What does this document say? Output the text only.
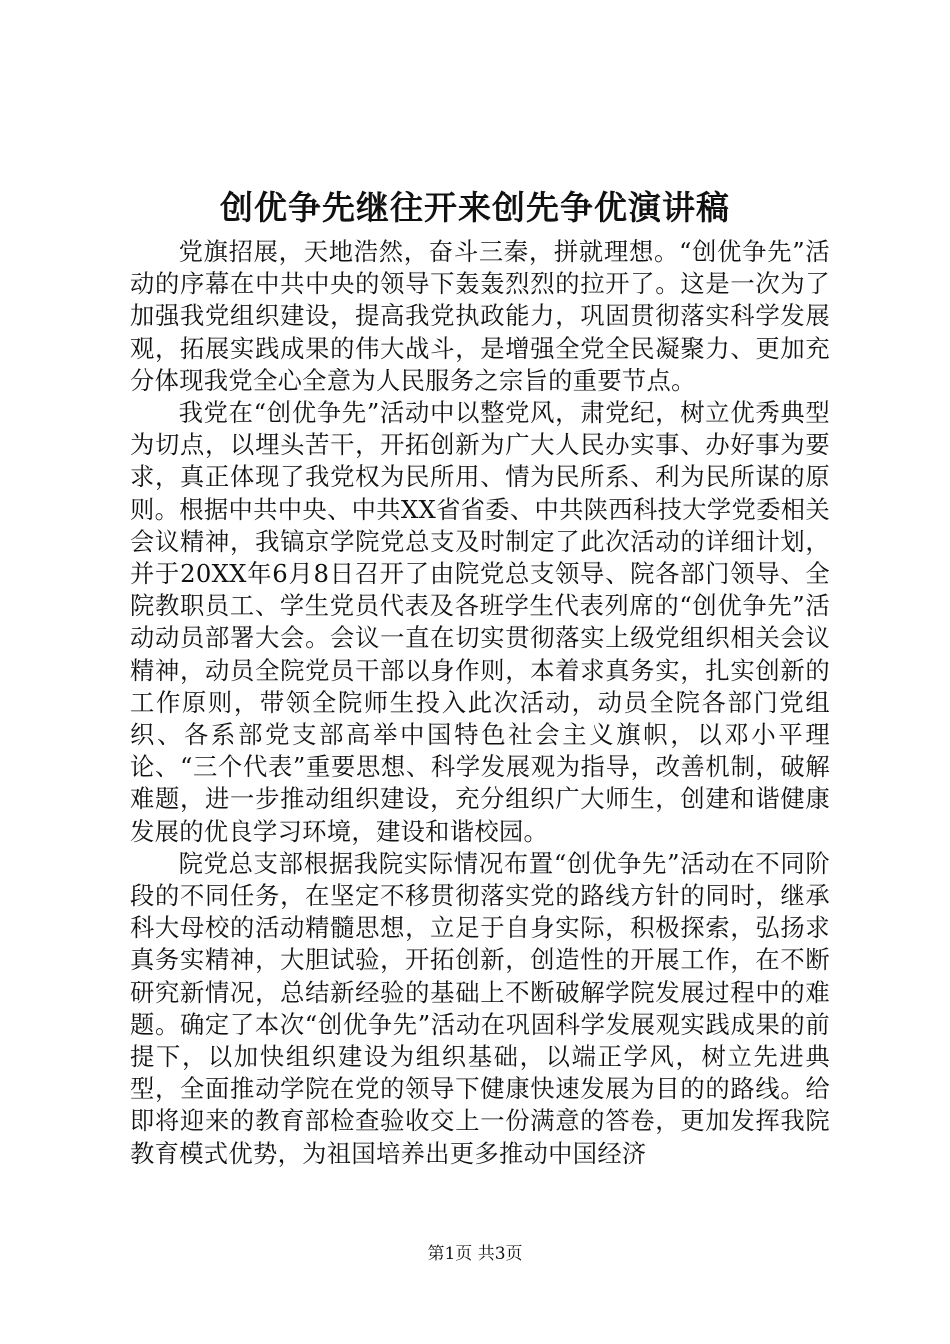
创优争先继往开来创先争优演讲稿

党旗招展，天地浩然，奋斗三秦，拼就理想。“创优争先”活动的序幕在中共中央的领导下轰轰烈烈的拉开了。这是一次为了加强我党组织建设，提高我党执政能力，巩固贯彻落实科学发展观，拓展实践成果的伟大战斗，是增强全党全民凝聚力、更加充分体现我党全心全意为人民服务之宗旨的重要节点。

我党在“创优争先”活动中以整党风，肃党纪，树立优秀典型为切点，以埋头苦干，开拓创新为广大人民办实事、办好事为要求，真正体现了我党权为民所用、情为民所系、利为民所谋的原则。根据中共中央、中共XX省省委、中共陕西科技大学党委相关会议精神，我镐京学院党总支及时制定了此次活动的详细计划，并于20XX年6月8日召开了由院党总支领导、院各部门领导、全院教职员工、学生党员代表及各班学生代表列席的“创优争先”活动动员部署大会。会议一直在切实贯彻落实上级党组织相关会议精神，动员全院党员干部以身作则，本着求真务实，扎实创新的工作原则，带领全院师生投入此次活动，动员全院各部门党组织、各系部党支部高举中国特色社会主义旗帜，以邓小平理论、“三个代表”重要思想、科学发展观为指导，改善机制，破解难题，进一步推动组织建设，充分组织广大师生，创建和谐健康发展的优良学习环境，建设和谐校园。

院党总支部根据我院实际情况布置“创优争先”活动在不同阶段的不同任务，在坚定不移贯彻落实党的路线方针的同时，继承科大母校的活动精髓思想，立足于自身实际，积极探索，弘扬求真务实精神，大胆试验，开拓创新，创造性的开展工作，在不断研究新情况，总结新经验的基础上不断破解学院发展过程中的难题。确定了本次“创优争先”活动在巩固科学发展观实践成果的前提下，以加快组织建设为组织基础，以端正学风，树立先进典型，全面推动学院在党的领导下健康快速发展为目的的路线。给即将迎来的教育部检查验收交上一份满意的答卷，更加发挥我院教育模式优势，为祖国培养出更多推动中国经济

第1页 共3页
